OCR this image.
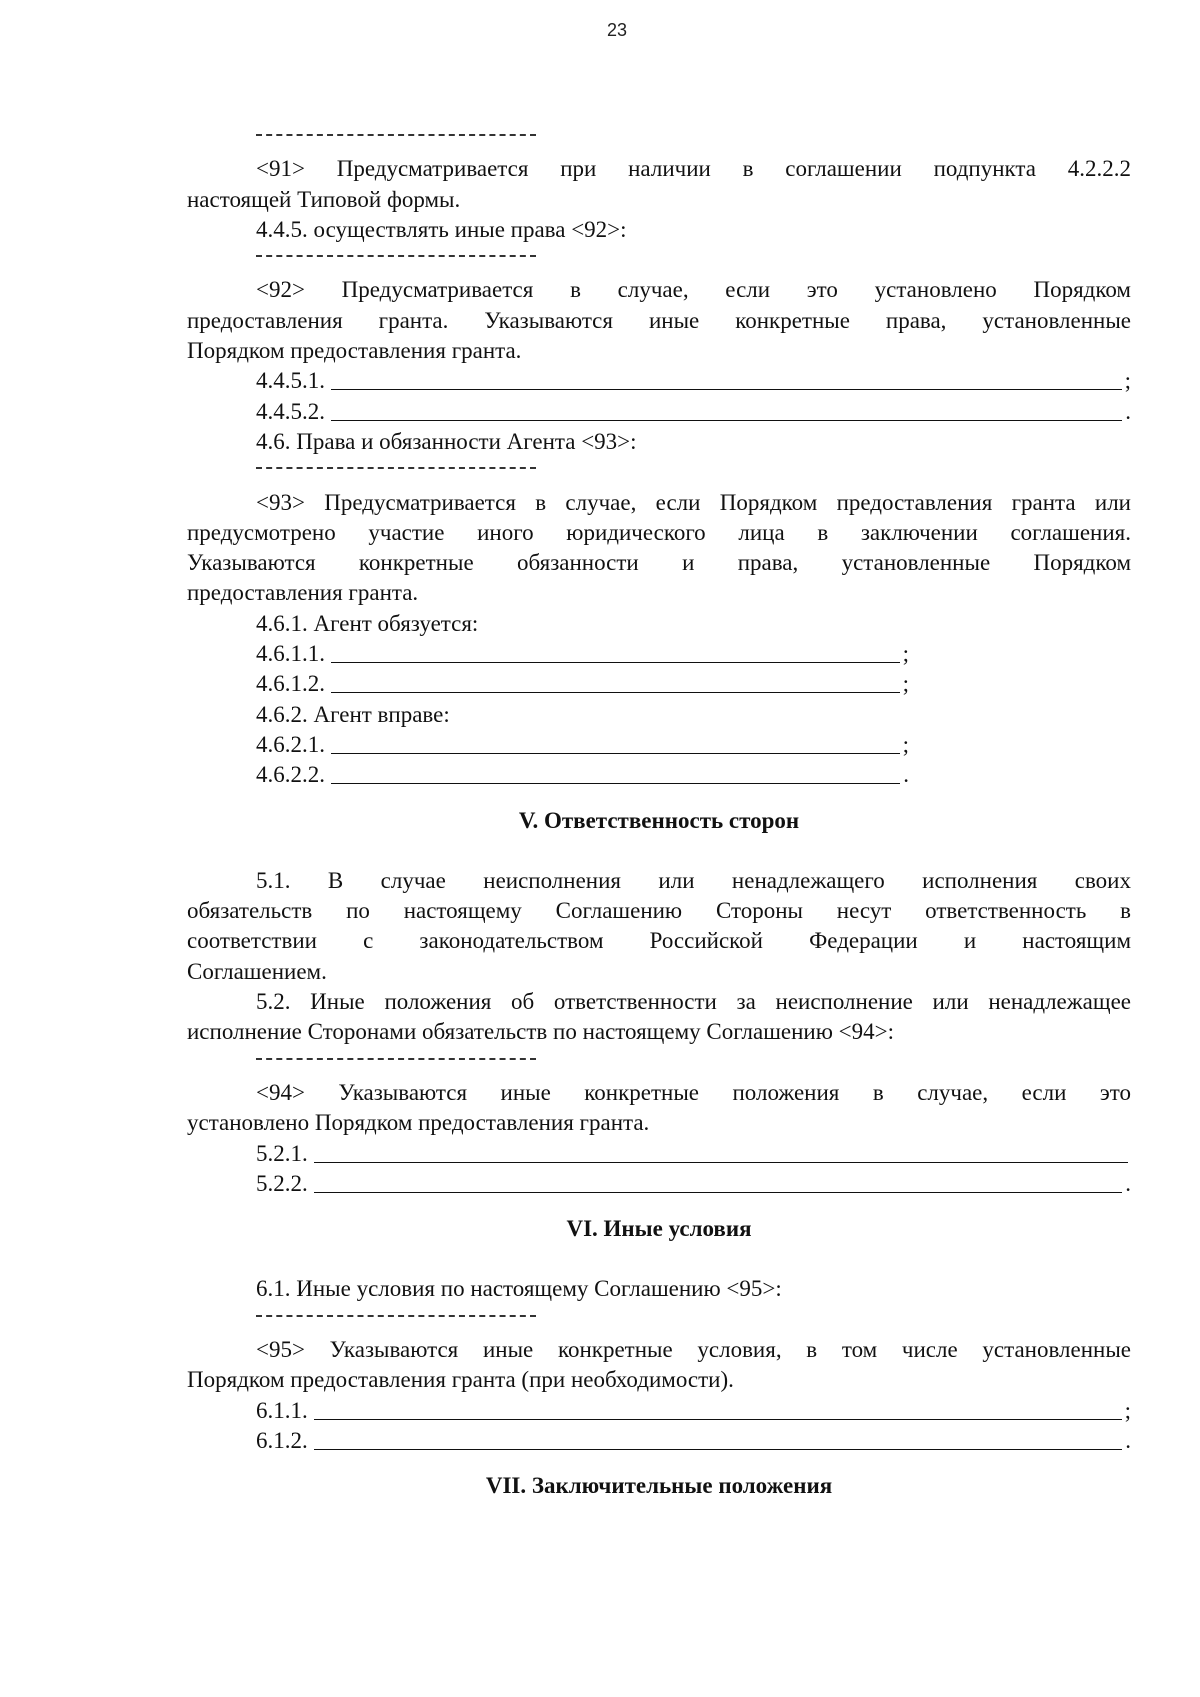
23
<91> Предусматривается при наличии в соглашении подпункта 4.2.2.2
настоящей Типовой формы.
4.4.5. осуществлять иные права <92>:
<92> Предусматривается в случае, если это установлено Порядком
предоставления гранта. Указываются иные конкретные права, установленные
Порядком предоставления гранта.
4.4.5.1.	;
4.4.5.2.	.
4.6. Права и обязанности Агента <93>:
<93> Предусматривается в случае, если Порядком предоставления гранта или
предусмотрено участие иного юридического лица в заключении соглашения.
Указываются конкретные обязанности и права, установленные Порядком
предоставления гранта.
4.6.1. Агент обязуется:
4.6.1.1.	;
4.6.1.2.	;
4.6.2. Агент вправе:
4.6.2.1.	;
4.6.2.2.	.
V. Ответственность сторон
5.1. В случае неисполнения или ненадлежащего исполнения своих
обязательств по настоящему Соглашению Стороны несут ответственность в
соответствии с законодательством Российской Федерации и настоящим
Соглашением.
5.2. Иные положения об ответственности за неисполнение или ненадлежащее
исполнение Сторонами обязательств по настоящему Соглашению <94>:
<94> Указываются иные конкретные положения в случае, если это
установлено Порядком предоставления гранта.
5.2.1.
5.2.2.	.
VI. Иные условия
6.1. Иные условия по настоящему Соглашению <95>:
<95> Указываются иные конкретные условия, в том числе установленные
Порядком предоставления гранта (при необходимости).
6.1.1.	;
6.1.2.	.
VII. Заключительные положения
